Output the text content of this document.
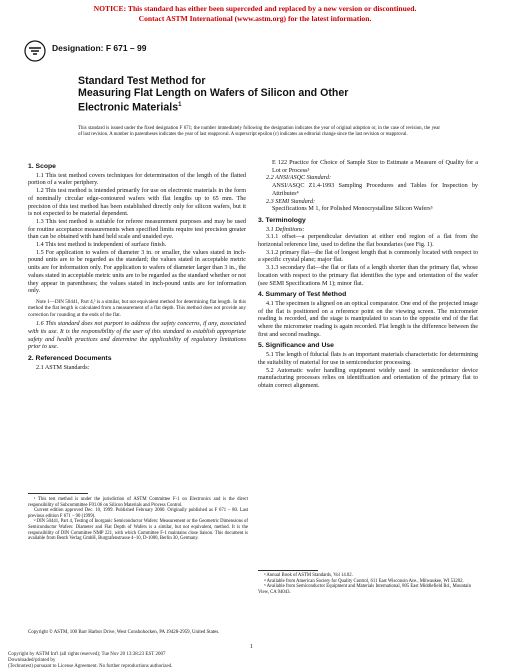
NOTICE: This standard has either been superceded and replaced by a new version or discontinued.
Contact ASTM International (www.astm.org) for the latest information.
Designation: F 671 – 99
Standard Test Method for
Measuring Flat Length on Wafers of Silicon and Other
Electronic Materials$^1$
This standard is issued under the fixed designation F 671; the number immediately following the designation indicates the year of original adoption or, in the case of revision, the year of last revision. A number in parentheses indicates the year of last reapproval. A superscript epsilon (ε) indicates an editorial change since the last revision or reapproval.
1. Scope

1.1 This test method covers techniques for determination of the length of the flatted portion of a wafer periphery.

1.2 This test method is intended primarily for use on electronic materials in the form of nominally circular edge-contoured wafers with flat lengths up to 65 mm. The precision of this test method has been established directly only for silicon wafers, but it is not expected to be material dependent.

1.3 This test method is suitable for referee measurement purposes and may be used for routine acceptance measurements when specified limits require test precision greater than can be obtained with hand held scale and unaided eye.

1.4 This test method is independent of surface finish.

1.5 For application to wafers of diameter 3 in. or smaller, the values stated in inch-pound units are to be regarded as the standard; the values stated in acceptable metric units are for information only. For application to wafers of diameter larger than 3 in., the values stated in acceptable metric units are to be regarded as the standard whether or not they appear in parentheses; the values stated in inch-pound units are for information only.

Note 1—DIN 50441, Part 4,² is a similar, but not equivalent method for determining flat length. In this method the flat length is calculated from a measurement of a flat depth. This method does not provide any correction for rounding at the ends of the flat.

1.6 This standard does not purport to address the safety concerns, if any, associated with its use. It is the responsibility of the user of this standard to establish appropriate safety and health practices and determine the applicability of regulatory limitations prior to use.

2. Referenced Documents

2.1 ASTM Standards:

¹ This test method is under the jurisdiction of ASTM Committee F-1 on Electronics and is the direct responsibility of Subcommittee F01.06 on Silicon Materials and Process Control.

Current edition approved Dec. 10, 1999. Published February 2000. Originally published as F 671 – 80. Last previous edition F 671 – 90 (1999).

² DIN 50441, Part 4, Testing of Inorganic Semiconductor Wafers: Measurement or the Geometric Dimensions of Semiconductor Wafers: Diameter and Flat Depth of Wafers is a similar, but not equivalent, method. It is the responsibility of DIN Committee NMP 221, with which Committee F-1 maintains close liaison. This document is available from Beuth Verlag GmbH, Burgrafenstrasse 4–10, D-1000, Berlin 30, Germany.

E 122 Practice for Choice of Sample Size to Estimate a Measure of Quality for a Lot or Process³

2.2 ANSI/ASQC Standard:

ANSI/ASQC Z1.4-1993 Sampling Procedures and Tables for Inspection by Attributes⁴

2.3 SEMI Standard:

Specifications M 1, for Polished Monocrystalline Silicon Wafers⁵

3. Terminology

3.1 Definitions:

3.1.1 offset—a perpendicular deviation at either end region of a flat from the horizontal reference line, used to define the flat boundaries (see Fig. 1).

3.1.2 primary flat—the flat of longest length that is commonly located with respect to a specific crystal plane; major flat.

3.1.3 secondary flat—the flat or flats of a length shorter than the primary flat, whose location with respect to the primary flat identifies the type and orientation of the wafer (see SEMI Specifications M 1); minor flat.

4. Summary of Test Method

4.1 The specimen is aligned on an optical comparator. One end of the projected image of the flat is positioned on a reference point on the viewing screen. The micrometer reading is recorded, and the stage is manipulated to scan to the opposite end of the flat where the micrometer reading is again recorded. Flat length is the difference between the first and second readings.

5. Significance and Use

5.1 The length of fiducial flats is an important materials characteristic for determining the suitability of material for use in semiconductor processing.

5.2 Automatic wafer handling equipment widely used in semiconductor device manufacturing processes relies on identification and orientation of the primary flat to obtain correct alignment.

³ Annual Book of ASTM Standards, Vol 14.02.

⁴ Available from American Society for Quality Control, 611 East Wisconsin Ave., Milwaukee, WI 53202.

⁵ Available from Semiconductor Equipment and Materials International, 805 East Middlefield Rd., Mountain View, CA 94043.

Copyright © ASTM, 100 Barr Harbor Drive, West Conshohocken, PA 19428-2959, United States.
1
Copyright by ASTM Int'l (all rights reserved); Tue Nov 20 13:38:23 EST 2007
Downloaded/printed by
(Technotest) pursuant to License Agreement. No further reproductions authorized.
